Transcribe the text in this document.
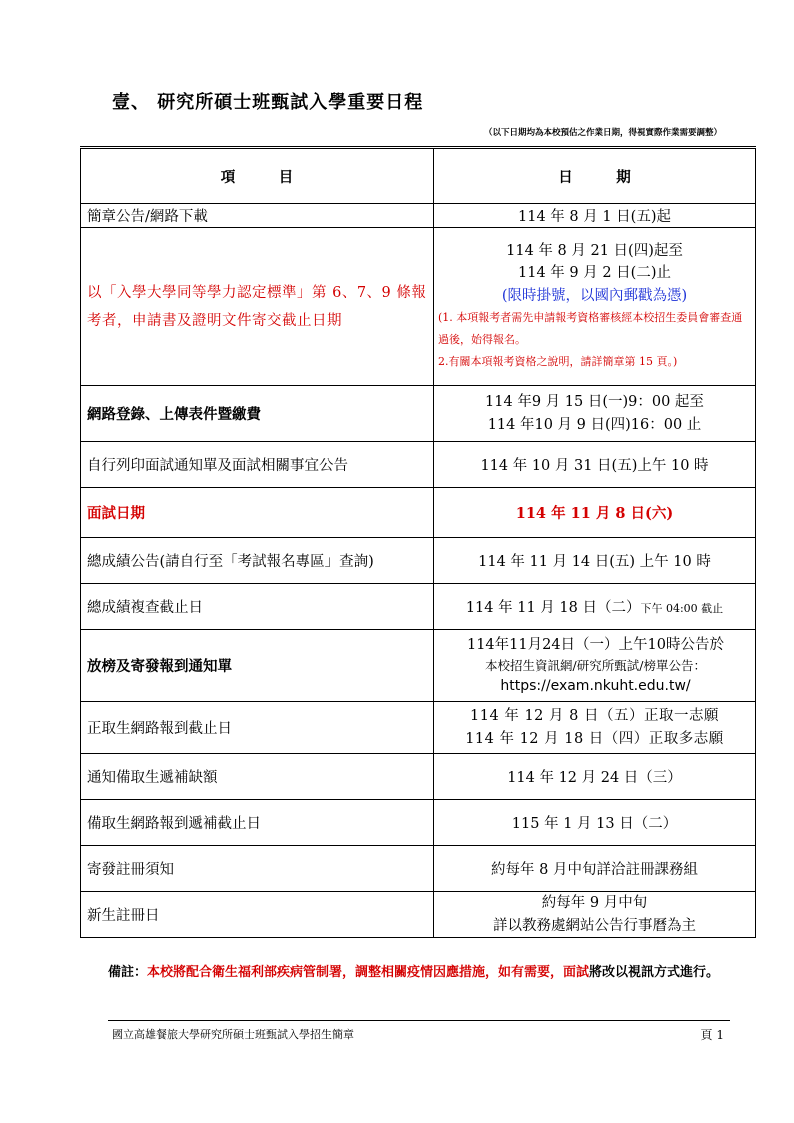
壹、 研究所碩士班甄試入學重要日程
（以下日期均為本校預估之作業日期，得視實際作業需要調整）
項　　　目	日　　　期
簡章公告/網路下載	114 年 8 月 1 日(五)起
以「入學大學同等學力認定標準」第 6、7、9 條報考者，申請書及證明文件寄交截止日期	114 年 8 月 21 日(四)起至
114 年 9 月 2 日(二)止
(限時掛號，以國內郵戳為憑)
(1. 本項報考者需先申請報考資格審核經本校招生委員會審查通過後，始得報名。
2.有關本項報考資格之說明，請詳簡章第 15 頁。)

網路登錄、上傳表件暨繳費	114 年9 月 15 日(一)9：00 起至
114 年10 月 9 日(四)16：00 止

自行列印面試通知單及面試相關事宜公告	114 年 10 月 31 日(五)上午 10 時
面試日期	114 年 11 月 8 日(六)
總成績公告(請自行至「考試報名專區」查詢)	114 年 11 月 14 日(五) 上午 10 時
總成績複查截止日	114 年 11 月 18 日（二）下午 04:00 截止
放榜及寄發報到通知單	114年11月24日（一）上午10時公告於
本校招生資訊網/研究所甄試/榜單公告：
https://exam.nkuht.edu.tw/

正取生網路報到截止日	114 年 12 月 8 日（五）正取一志願
114 年 12 月 18 日（四）正取多志願

通知備取生遞補缺額	114 年 12 月 24 日（三）
備取生網路報到遞補截止日	115 年 1 月 13 日（二）
寄發註冊須知	約每年 8 月中旬詳洽註冊課務組
新生註冊日	約每年 9 月中旬
詳以教務處網站公告行事曆為主
備註：本校將配合衛生福利部疾病管制署，調整相關疫情因應措施，如有需要，面試將改以視訊方式進行。
國立高雄餐旅大學研究所碩士班甄試入學招生簡章	頁 1
